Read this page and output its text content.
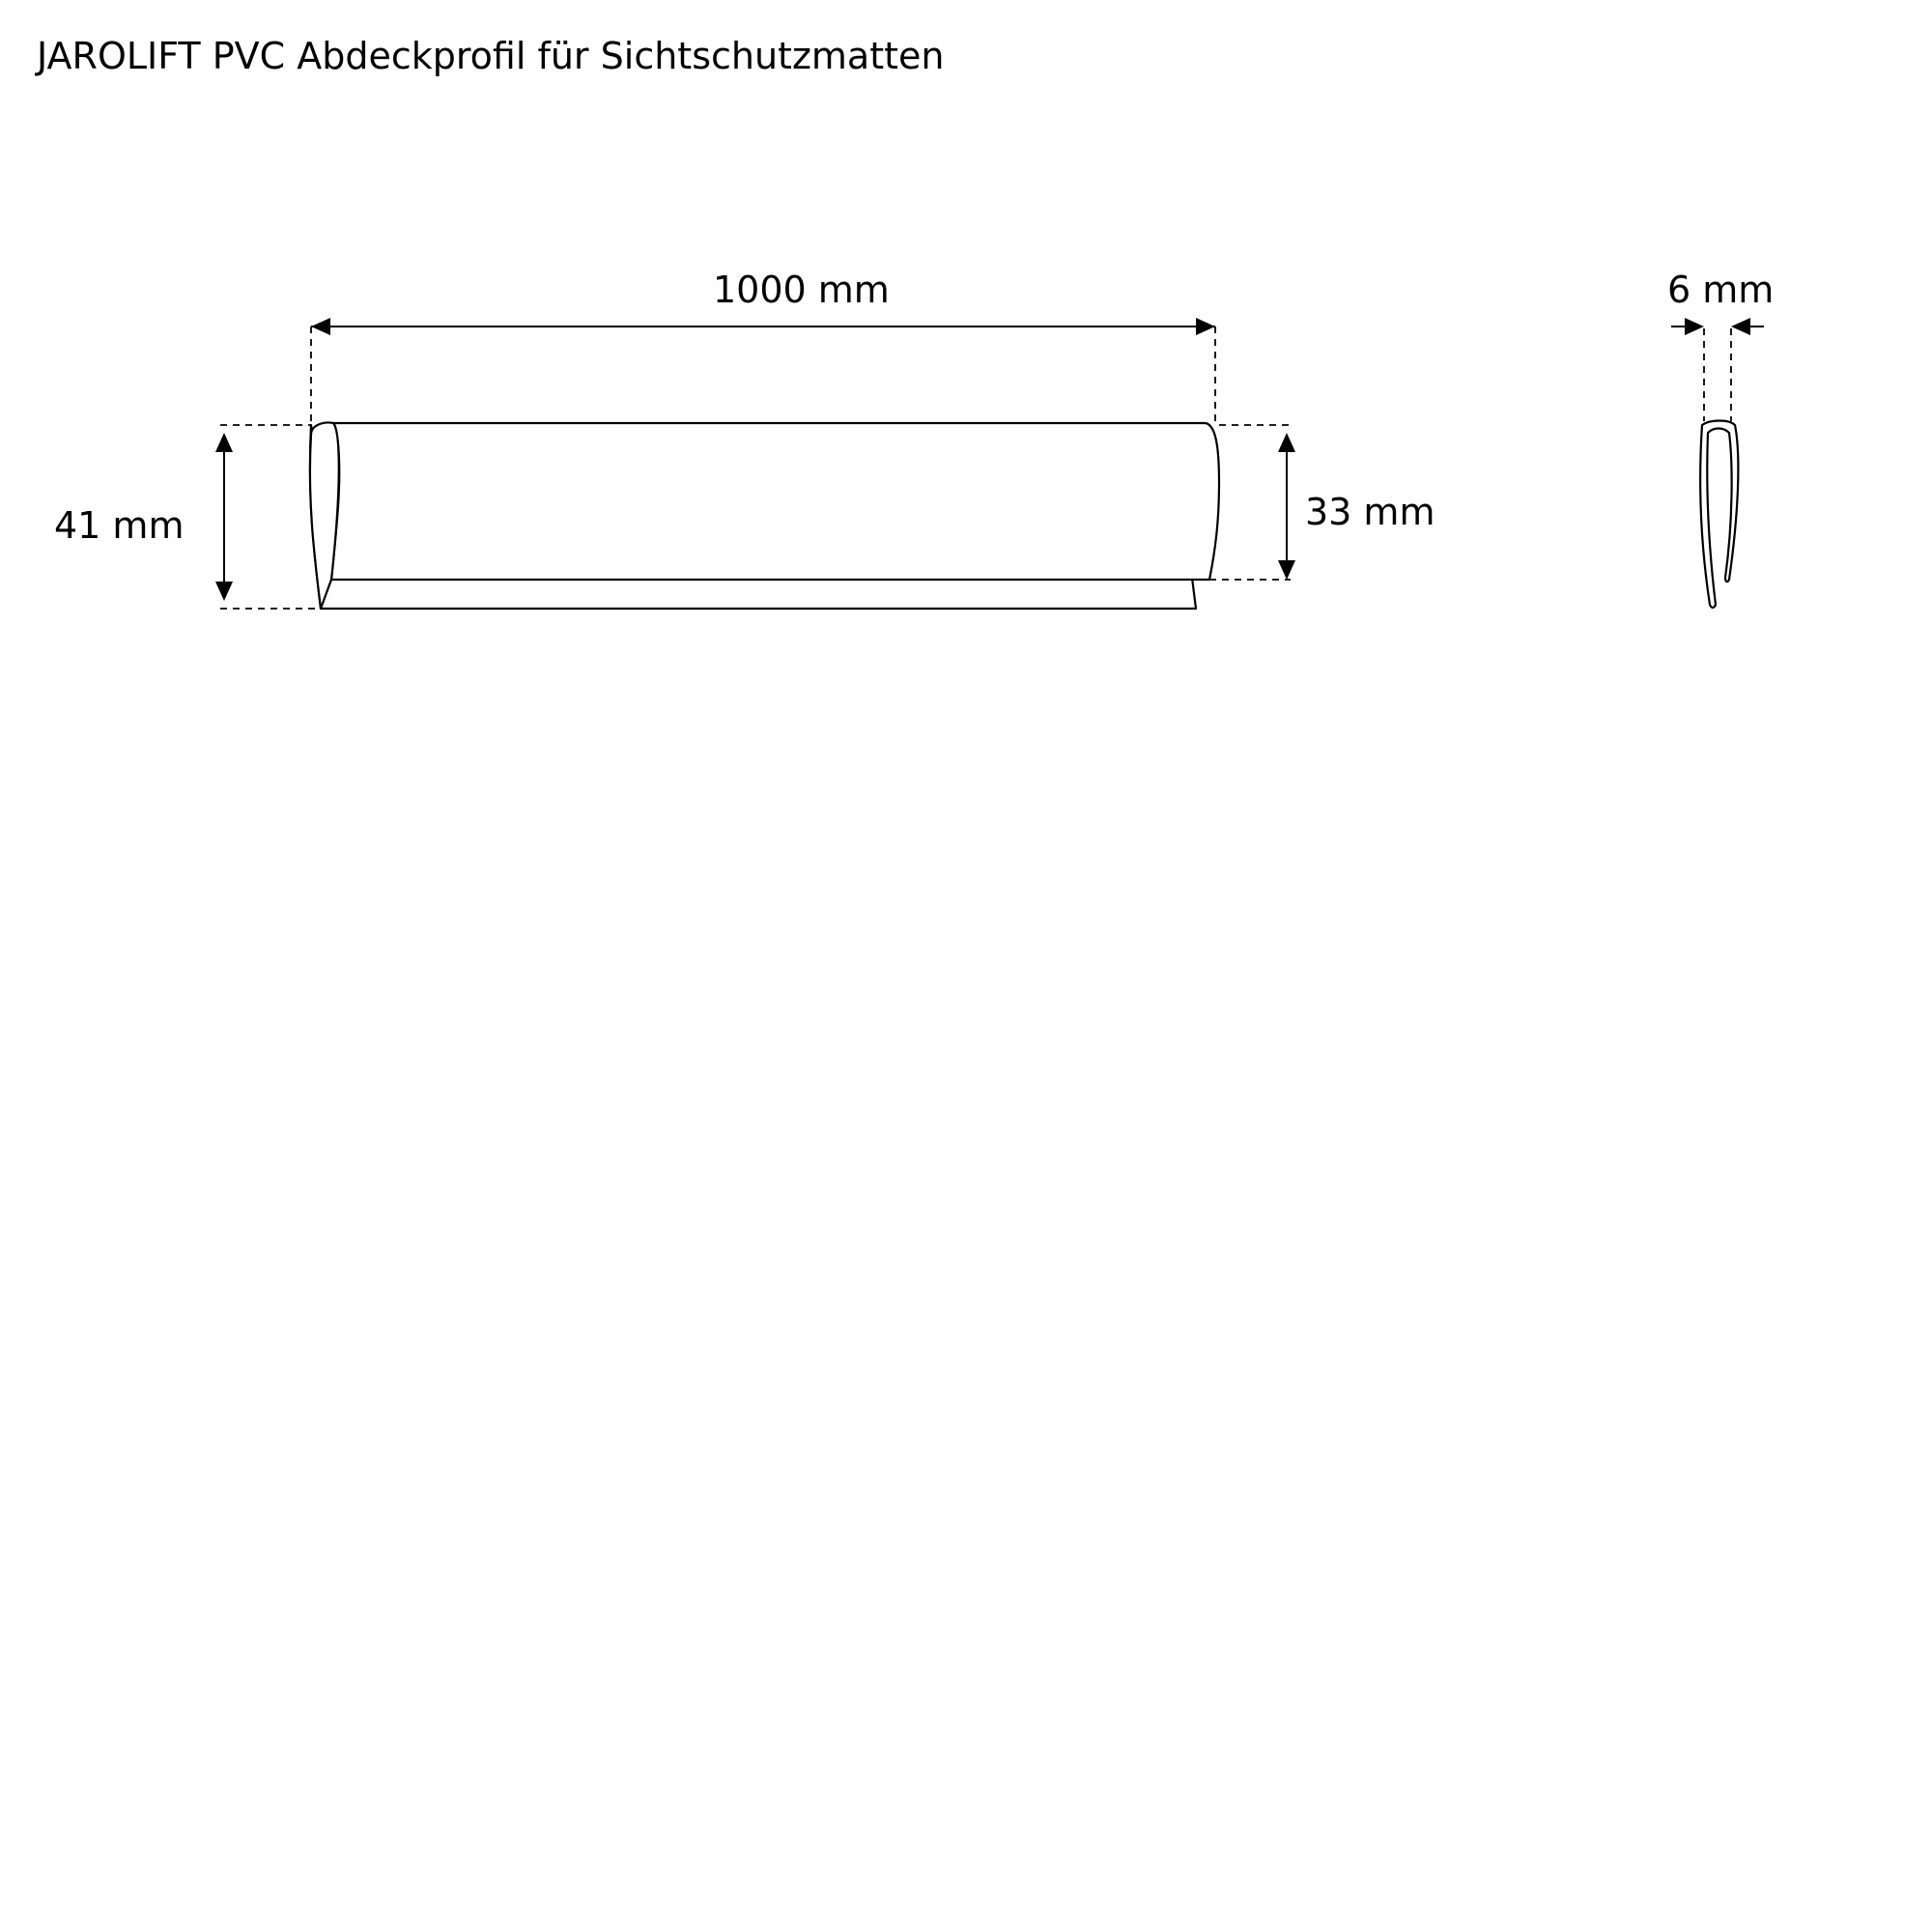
JAROLIFT PVC Abdeckprofil für Sichtschutzmatten
1000 mm
41 mm	33 mm
6 mm
